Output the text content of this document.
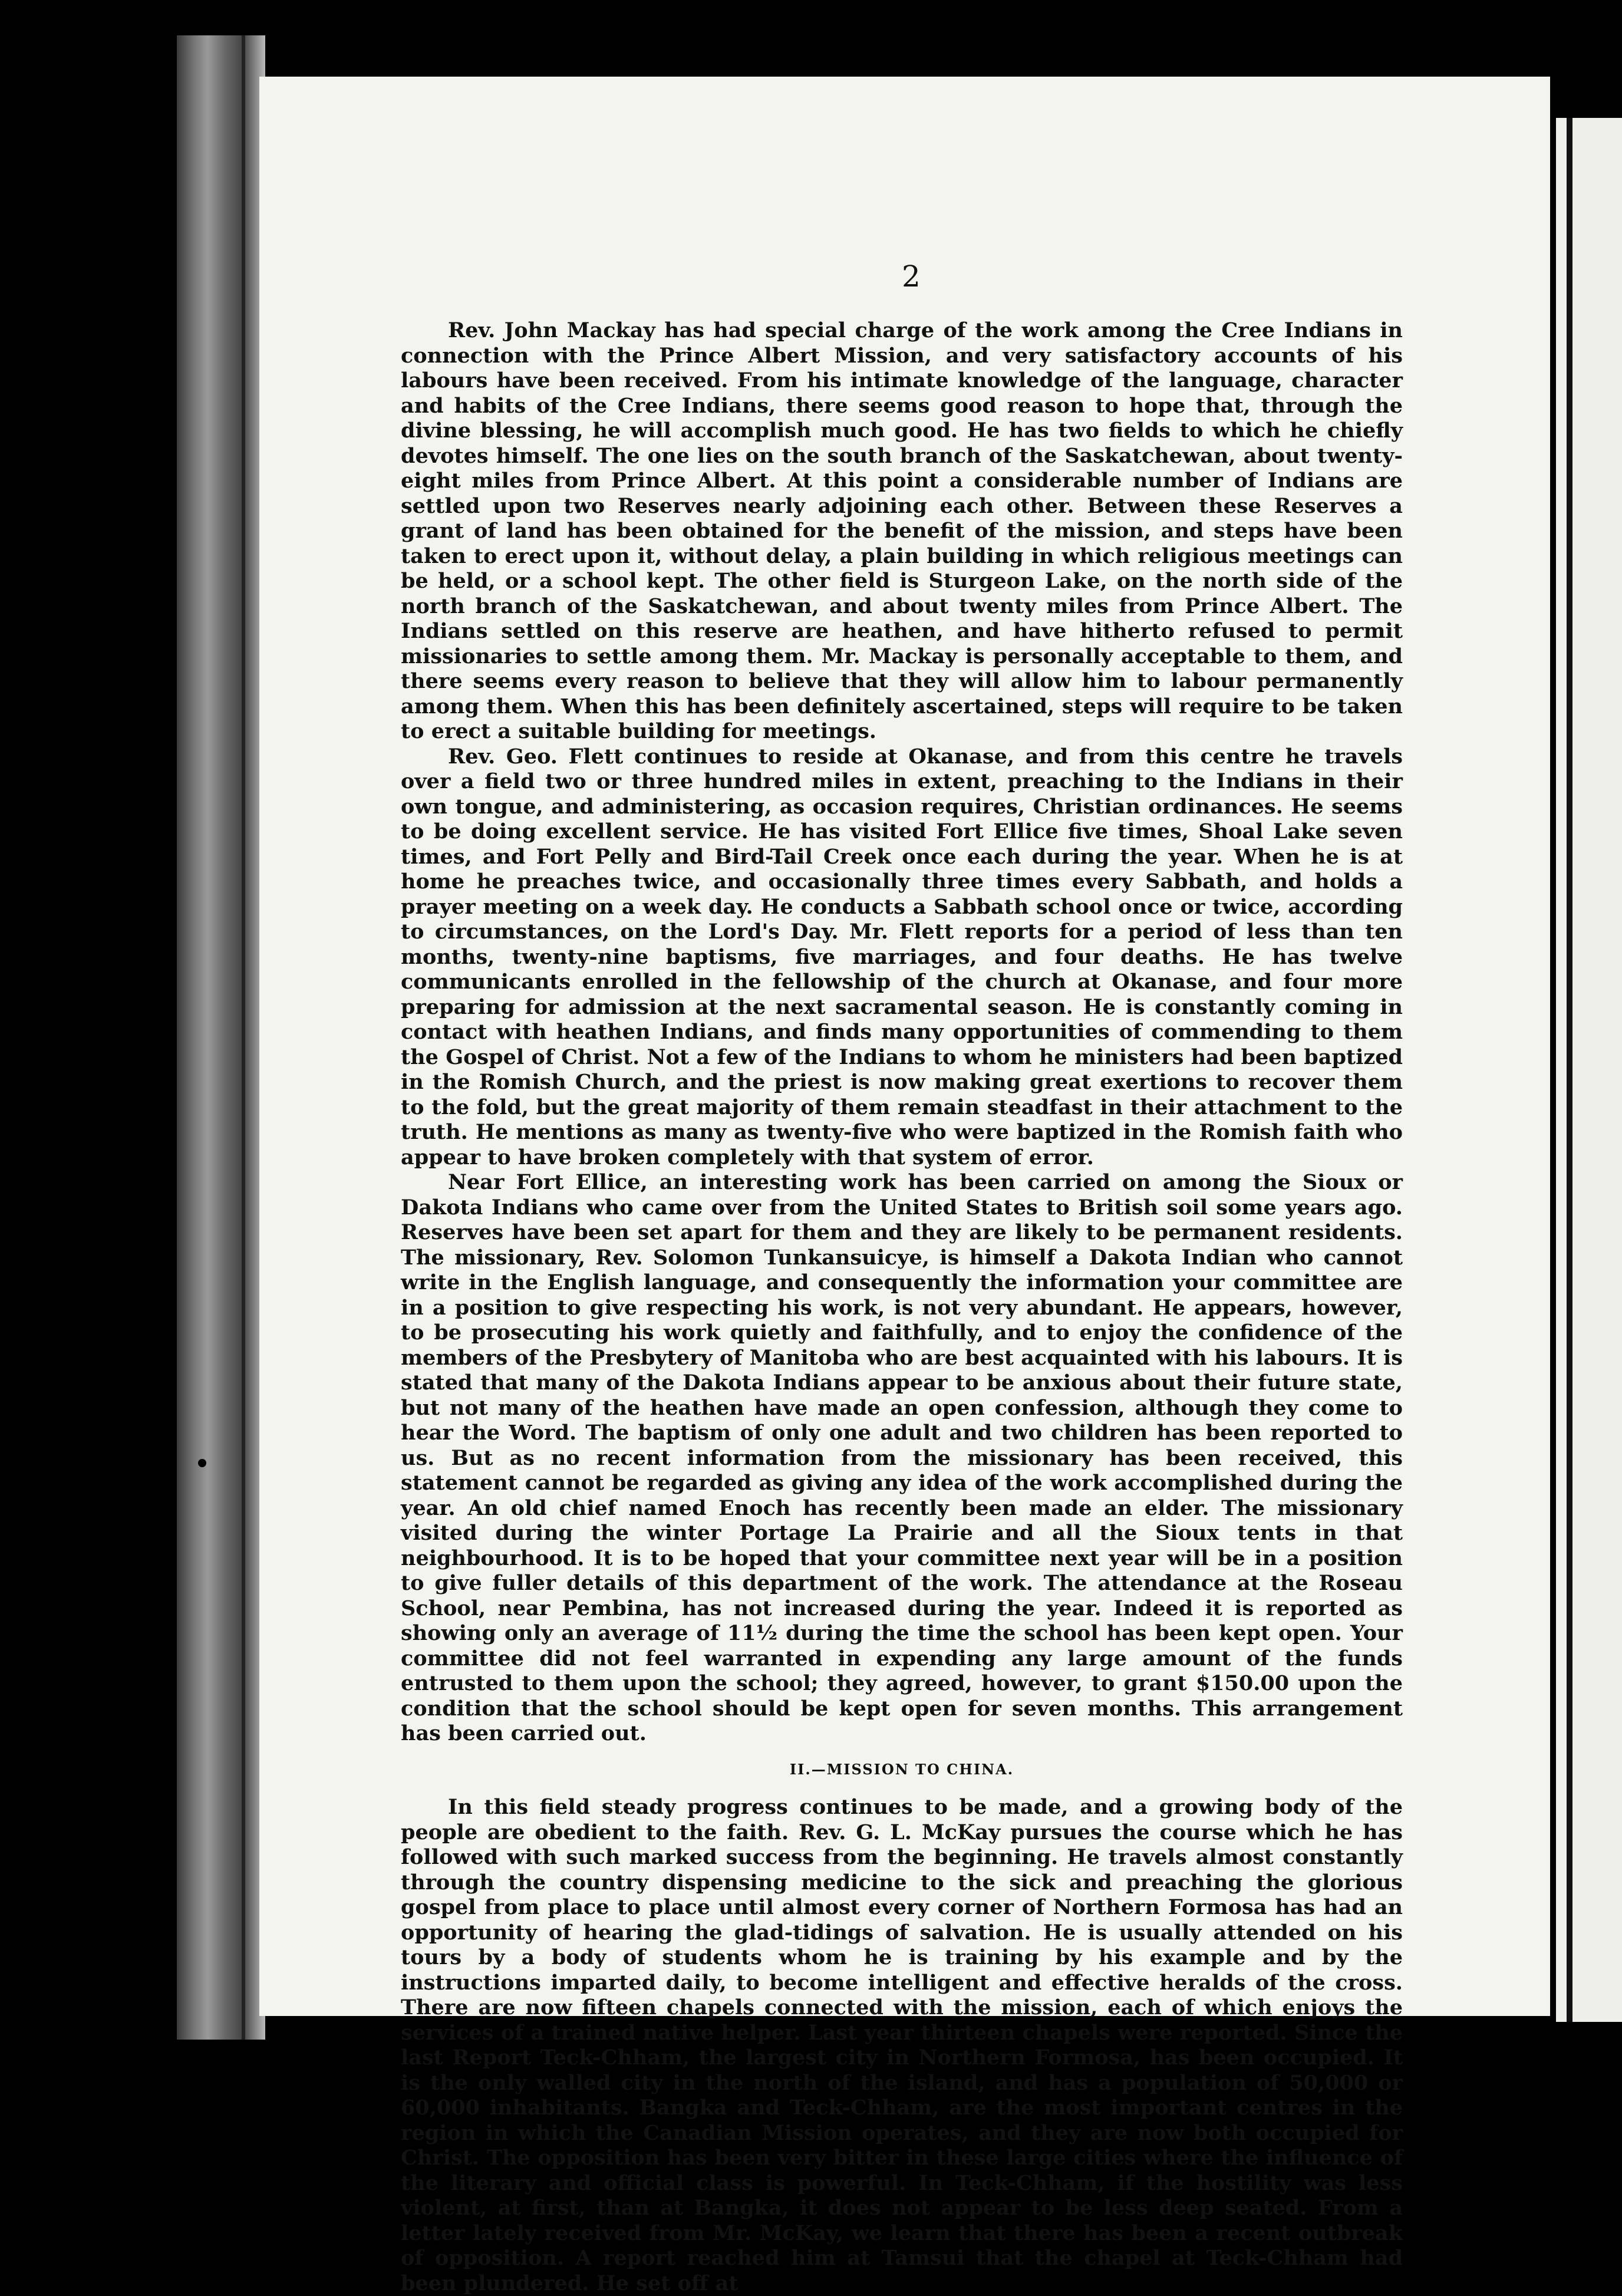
2

Rev. John Mackay has had special charge of the work among the Cree Indians in connection with the Prince Albert Mission, and very satisfactory accounts of his labours have been received. From his intimate knowledge of the language, character and habits of the Cree Indians, there seems good reason to hope that, through the divine blessing, he will accomplish much good. He has two fields to which he chiefly devotes himself. The one lies on the south branch of the Saskatchewan, about twenty-eight miles from Prince Albert. At this point a considerable number of Indians are settled upon two Reserves nearly adjoining each other. Between these Reserves a grant of land has been obtained for the benefit of the mission, and steps have been taken to erect upon it, without delay, a plain building in which religious meetings can be held, or a school kept. The other field is Sturgeon Lake, on the north side of the north branch of the Saskatchewan, and about twenty miles from Prince Albert. The Indians settled on this reserve are heathen, and have hitherto refused to permit missionaries to settle among them. Mr. Mackay is personally acceptable to them, and there seems every reason to believe that they will allow him to labour permanently among them. When this has been definitely ascertained, steps will require to be taken to erect a suitable building for meetings.

Rev. Geo. Flett continues to reside at Okanase, and from this centre he travels over a field two or three hundred miles in extent, preaching to the Indians in their own tongue, and administering, as occasion requires, Christian ordinances. He seems to be doing excellent service. He has visited Fort Ellice five times, Shoal Lake seven times, and Fort Pelly and Bird-Tail Creek once each during the year. When he is at home he preaches twice, and occasionally three times every Sabbath, and holds a prayer meeting on a week day. He conducts a Sabbath school once or twice, according to circumstances, on the Lord's Day. Mr. Flett reports for a period of less than ten months, twenty-nine baptisms, five marriages, and four deaths. He has twelve communicants enrolled in the fellowship of the church at Okanase, and four more preparing for admission at the next sacramental season. He is constantly coming in contact with heathen Indians, and finds many opportunities of commending to them the Gospel of Christ. Not a few of the Indians to whom he ministers had been baptized in the Romish Church, and the priest is now making great exertions to recover them to the fold, but the great majority of them remain steadfast in their attachment to the truth. He mentions as many as twenty-five who were baptized in the Romish faith who appear to have broken completely with that system of error.

Near Fort Ellice, an interesting work has been carried on among the Sioux or Dakota Indians who came over from the United States to British soil some years ago. Reserves have been set apart for them and they are likely to be permanent residents. The missionary, Rev. Solomon Tunkansuicye, is himself a Dakota Indian who cannot write in the English language, and consequently the information your committee are in a position to give respecting his work, is not very abundant. He appears, however, to be prosecuting his work quietly and faithfully, and to enjoy the confidence of the members of the Presbytery of Manitoba who are best acquainted with his labours. It is stated that many of the Dakota Indians appear to be anxious about their future state, but not many of the heathen have made an open confession, although they come to hear the Word. The baptism of only one adult and two children has been reported to us. But as no recent information from the missionary has been received, this statement cannot be regarded as giving any idea of the work accomplished during the year. An old chief named Enoch has recently been made an elder. The missionary visited during the winter Portage La Prairie and all the Sioux tents in that neighbourhood. It is to be hoped that your committee next year will be in a position to give fuller details of this department of the work. The attendance at the Roseau School, near Pembina, has not increased during the year. Indeed it is reported as showing only an average of 11½ during the time the school has been kept open. Your committee did not feel warranted in expending any large amount of the funds entrusted to them upon the school; they agreed, however, to grant $150.00 upon the condition that the school should be kept open for seven months. This arrangement has been carried out.

II.—MISSION TO CHINA.

In this field steady progress continues to be made, and a growing body of the people are obedient to the faith. Rev. G. L. McKay pursues the course which he has followed with such marked success from the beginning. He travels almost constantly through the country dispensing medicine to the sick and preaching the glorious gospel from place to place until almost every corner of Northern Formosa has had an opportunity of hearing the glad-tidings of salvation. He is usually attended on his tours by a body of students whom he is training by his example and by the instructions imparted daily, to become intelligent and effective heralds of the cross. There are now fifteen chapels connected with the mission, each of which enjoys the services of a trained native helper. Last year thirteen chapels were reported. Since the last Report Teck-Chham, the largest city in Northern Formosa, has been occupied. It is the only walled city in the north of the island, and has a population of 50,000 or 60,000 inhabitants. Bangka and Teck-Chham, are the most important centres in the region in which the Canadian Mission operates, and they are now both occupied for Christ. The opposition has been very bitter in these large cities where the influence of the literary and official class is powerful. In Teck-Chham, if the hostility was less violent, at first, than at Bangka, it does not appear to be less deep seated. From a letter lately received from Mr. McKay, we learn that there has been a recent outbreak of opposition. A report reached him at Tamsui that the chapel at Teck-Chham had been plundered. He set off at
